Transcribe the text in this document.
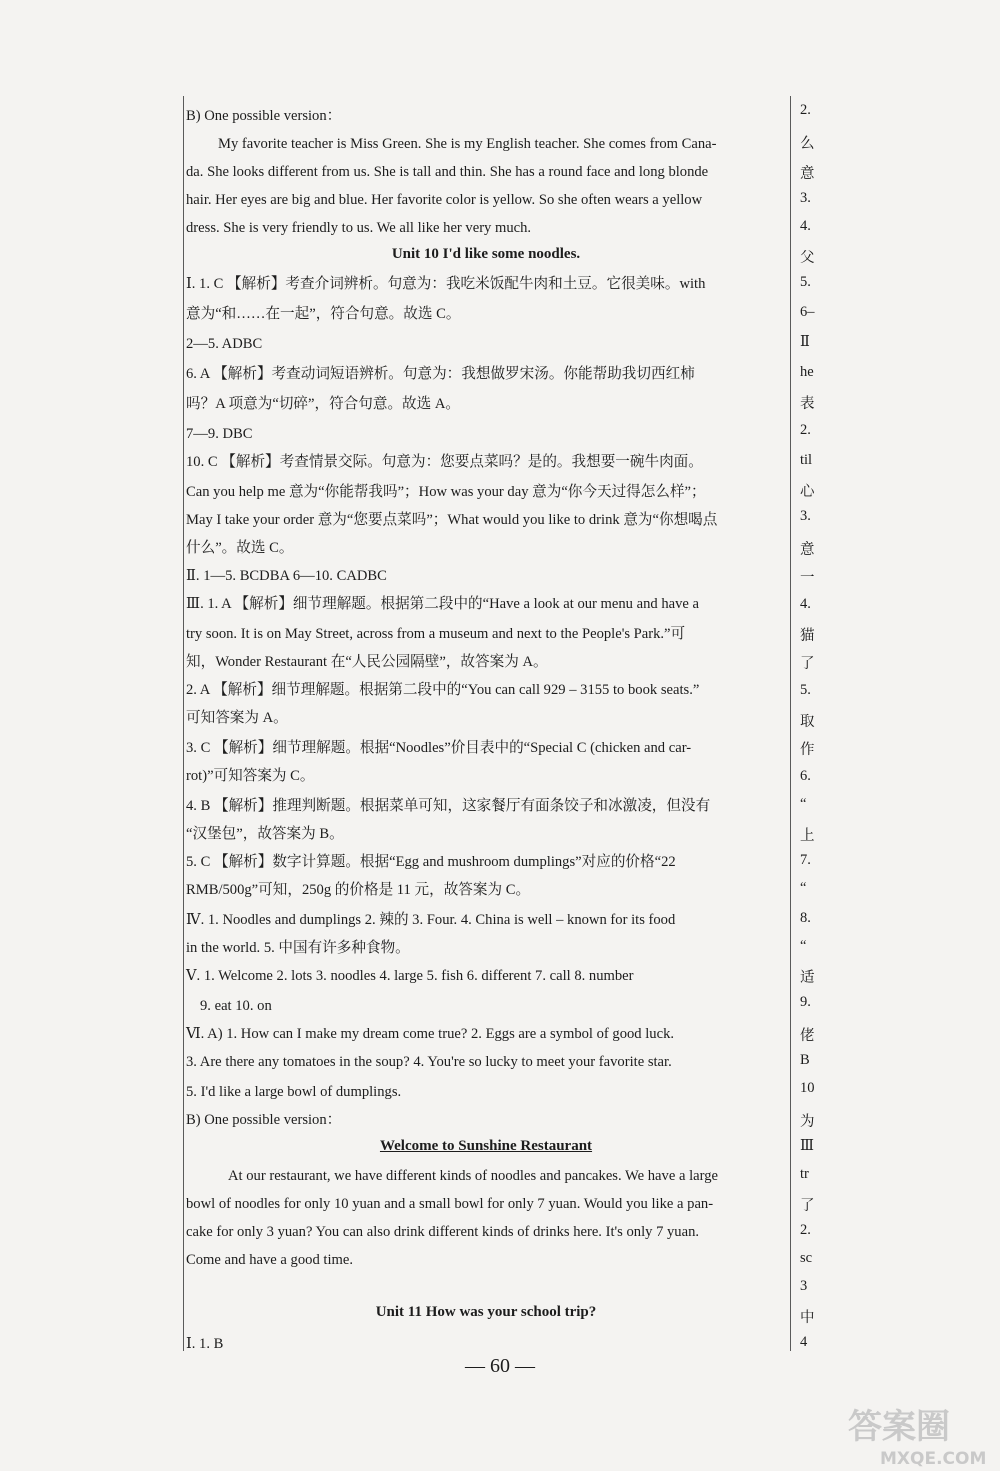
B) One possible version：
My favorite teacher is Miss Green. She is my English teacher. She comes from Cana-
da. She looks different from us. She is tall and thin. She has a round face and long blonde
hair. Her eyes are big and blue. Her favorite color is yellow. So she often wears a yellow
dress. She is very friendly to us. We all like her very much.
Ⅰ. 1. C 【解析】考查介词辨析。句意为：我吃米饭配牛肉和土豆。它很美味。with
意为“和……在一起”，符合句意。故选 C。
2—5. ADBC
6. A 【解析】考查动词短语辨析。句意为：我想做罗宋汤。你能帮助我切西红柿
吗？A 项意为“切碎”，符合句意。故选 A。
7—9. DBC
10. C 【解析】考查情景交际。句意为：您要点菜吗？是的。我想要一碗牛肉面。
Can you help me 意为“你能帮我吗”；How was your day 意为“你今天过得怎么样”；
May I take your order 意为“您要点菜吗”；What would you like to drink 意为“你想喝点
什么”。故选 C。
Ⅱ. 1—5. BCDBA 6—10. CADBC
Ⅲ. 1. A 【解析】细节理解题。根据第二段中的“Have a look at our menu and have a
try soon. It is on May Street, across from a museum and next to the People's Park.”可
知，Wonder Restaurant 在“人民公园隔壁”，故答案为 A。
2. A 【解析】细节理解题。根据第二段中的“You can call 929 – 3155 to book seats.”
可知答案为 A。
3. C 【解析】细节理解题。根据“Noodles”价目表中的“Special C (chicken and car-
rot)”可知答案为 C。
4. B 【解析】推理判断题。根据菜单可知，这家餐厅有面条饺子和冰激凌，但没有
“汉堡包”，故答案为 B。
5. C 【解析】数字计算题。根据“Egg and mushroom dumplings”对应的价格“22
RMB/500g”可知，250g 的价格是 11 元，故答案为 C。
Ⅳ. 1. Noodles and dumplings 2. 辣的 3. Four. 4. China is well – known for its food
in the world. 5. 中国有许多种食物。
Ⅴ. 1. Welcome 2. lots 3. noodles 4. large 5. fish 6. different 7. call 8. number
9. eat 10. on
Ⅵ. A) 1. How can I make my dream come true? 2. Eggs are a symbol of good luck.
3. Are there any tomatoes in the soup? 4. You're so lucky to meet your favorite star.
5. I'd like a large bowl of dumplings.
B) One possible version：
At our restaurant, we have different kinds of noodles and pancakes. We have a large
bowl of noodles for only 10 yuan and a small bowl for only 7 yuan. Would you like a pan-
cake for only 3 yuan? You can also drink different kinds of drinks here. It's only 7 yuan.
Come and have a good time.
Ⅰ. 1. B
Unit 10 I'd like some noodles.
Welcome to Sunshine Restaurant
Unit 11 How was your school trip?
2.
么
意
3.
4.
父
5.
6–
Ⅱ
he
表
2.
til
心
3.
意
一
4.
猫
了
5.
取
作
6.
“
上
7.
“
8.
“
适
9.
佬
B
10
为
Ⅲ
tr
了
2.
sc
3
中
4
— 60 —
答案圈
MXQE.COM
